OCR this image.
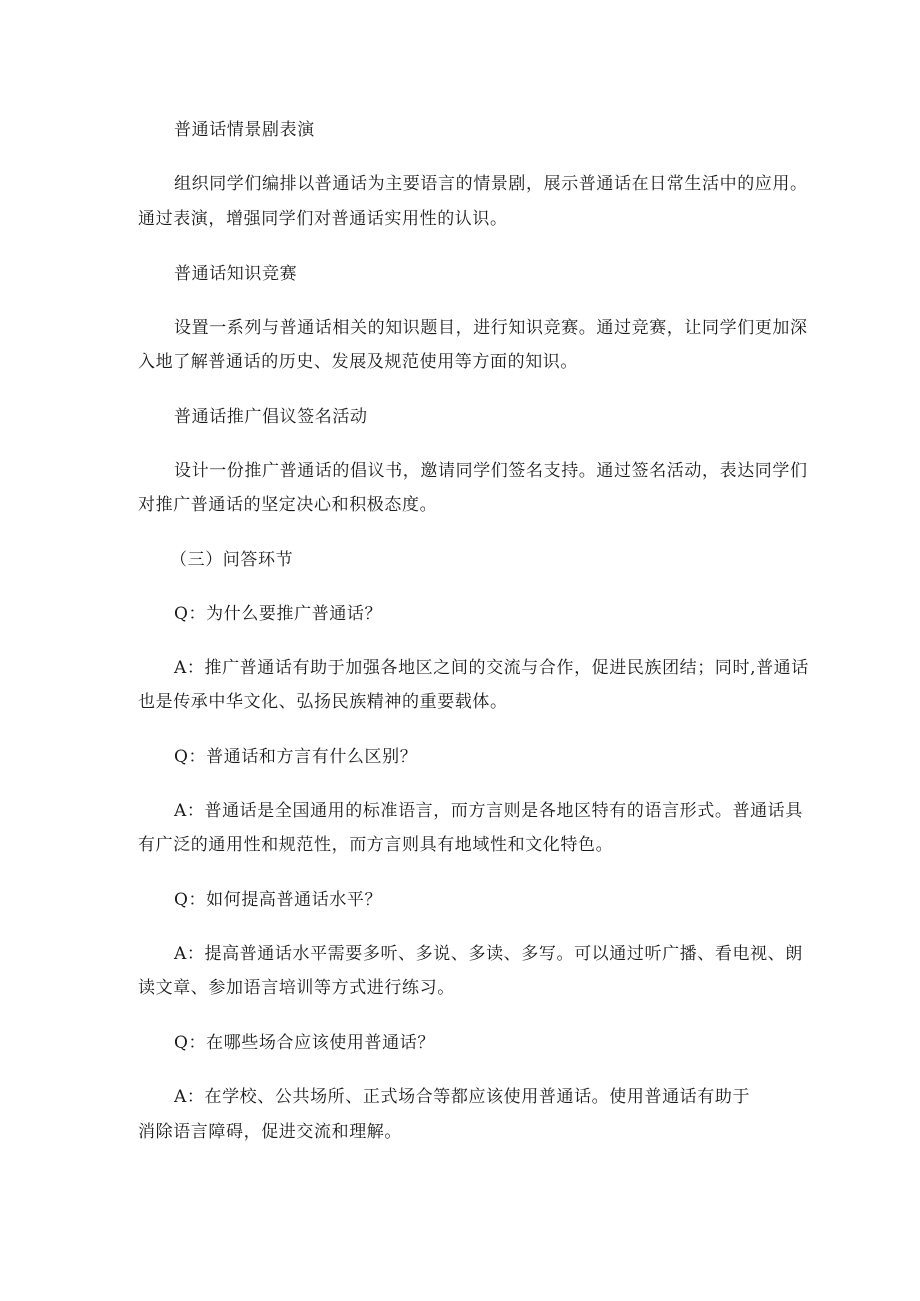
普通话情景剧表演
组织同学们编排以普通话为主要语言的情景剧，展示普通话在日常生活中的应用。
通过表演，增强同学们对普通话实用性的认识。
普通话知识竞赛
设置一系列与普通话相关的知识题目，进行知识竞赛。通过竞赛，让同学们更加深
入地了解普通话的历史、发展及规范使用等方面的知识。
普通话推广倡议签名活动
设计一份推广普通话的倡议书，邀请同学们签名支持。通过签名活动，表达同学们
对推广普通话的坚定决心和积极态度。
（三）问答环节
Q：为什么要推广普通话？
A：推广普通话有助于加强各地区之间的交流与合作，促进民族团结；同时,普通话
也是传承中华文化、弘扬民族精神的重要载体。
Q：普通话和方言有什么区别？
A：普通话是全国通用的标准语言，而方言则是各地区特有的语言形式。普通话具
有广泛的通用性和规范性，而方言则具有地域性和文化特色。
Q：如何提高普通话水平？
A：提高普通话水平需要多听、多说、多读、多写。可以通过听广播、看电视、朗
读文章、参加语言培训等方式进行练习。
Q：在哪些场合应该使用普通话？
A：在学校、公共场所、正式场合等都应该使用普通话。使用普通话有助于
消除语言障碍，促进交流和理解。
